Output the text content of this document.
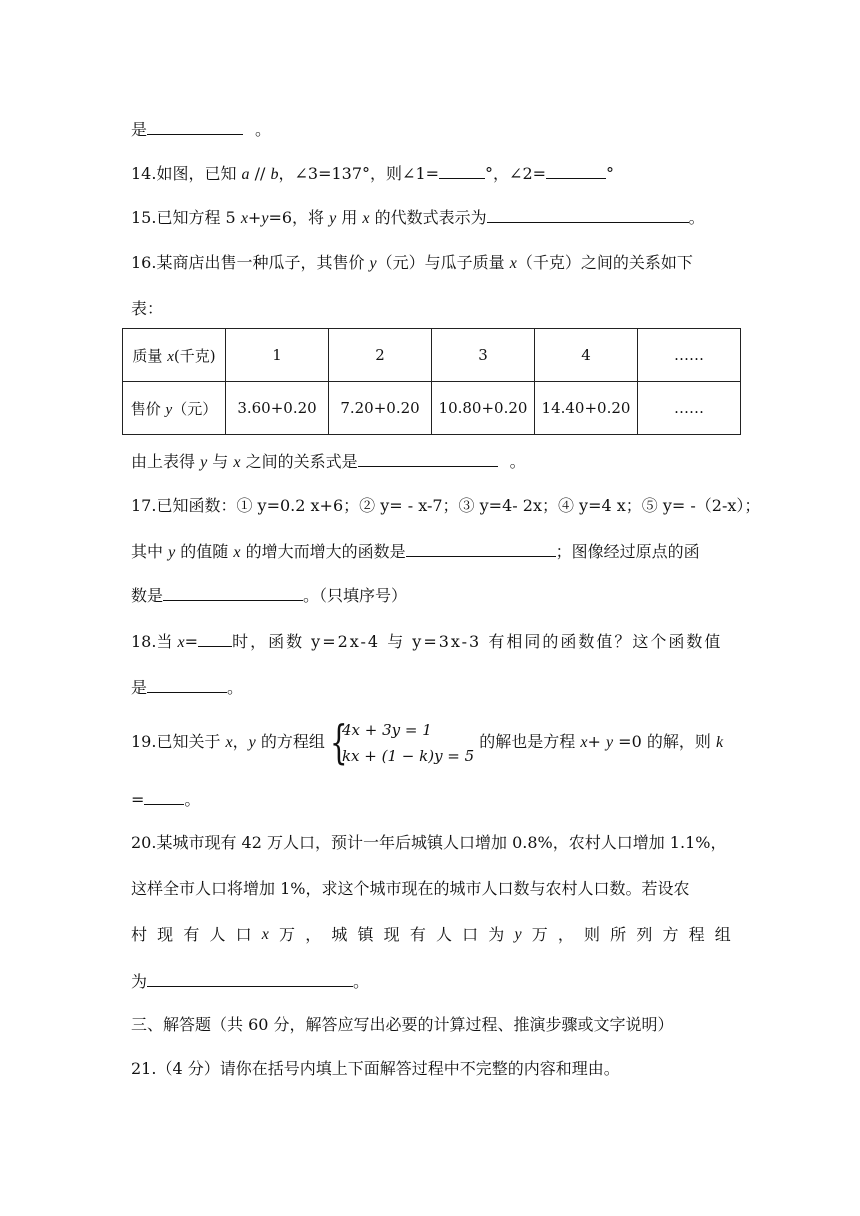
是	。
14.如图，已知 a // b，∠3=137°，则∠1=	°，∠2=	°
15.已知方程 5 x+y=6，将 y 用 x 的代数式表示为	。
16.某商店出售一种瓜子，其售价 y（元）与瓜子质量 x（千克）之间的关系如下
表：
质量 x(千克)	1	2	3	4	……
售价 y（元）	3.60+0.20	7.20+0.20	10.80+0.20	14.40+0.20	……
由上表得 y 与 x 之间的关系式是	。
17.已知函数：① y=0.2 x+6；② y= - x-7；③ y=4- 2x；④ y=4 x；⑤ y= -（2-x）；
其中 y 的值随 x 的增大而增大的函数是	；图像经过原点的函
数是	。（只填序号）
18.当 x= 时，函数 y=2x-4 与 y=3x-3 有相同的函数值？这个函数值
是	。
19.已知关于 x，y 的方程组 {
4x + 3y = 1
kx + (1 − k)y = 5
的解也是方程 x+ y =0 的解，则 k
=	。
20.某城市现有 42 万人口，预计一年后城镇人口增加 0.8%，农村人口增加 1.1%，
这样全市人口将增加 1%，求这个城市现在的城市人口数与农村人口数。若设农
村 现 有 人 口 x 万 ， 城 镇 现 有 人 口 为 y 万 ， 则 所 列 方 程 组
为	。
三、解答题（共 60 分，解答应写出必要的计算过程、推演步骤或文字说明）
21.（4 分）请你在括号内填上下面解答过程中不完整的内容和理由。
